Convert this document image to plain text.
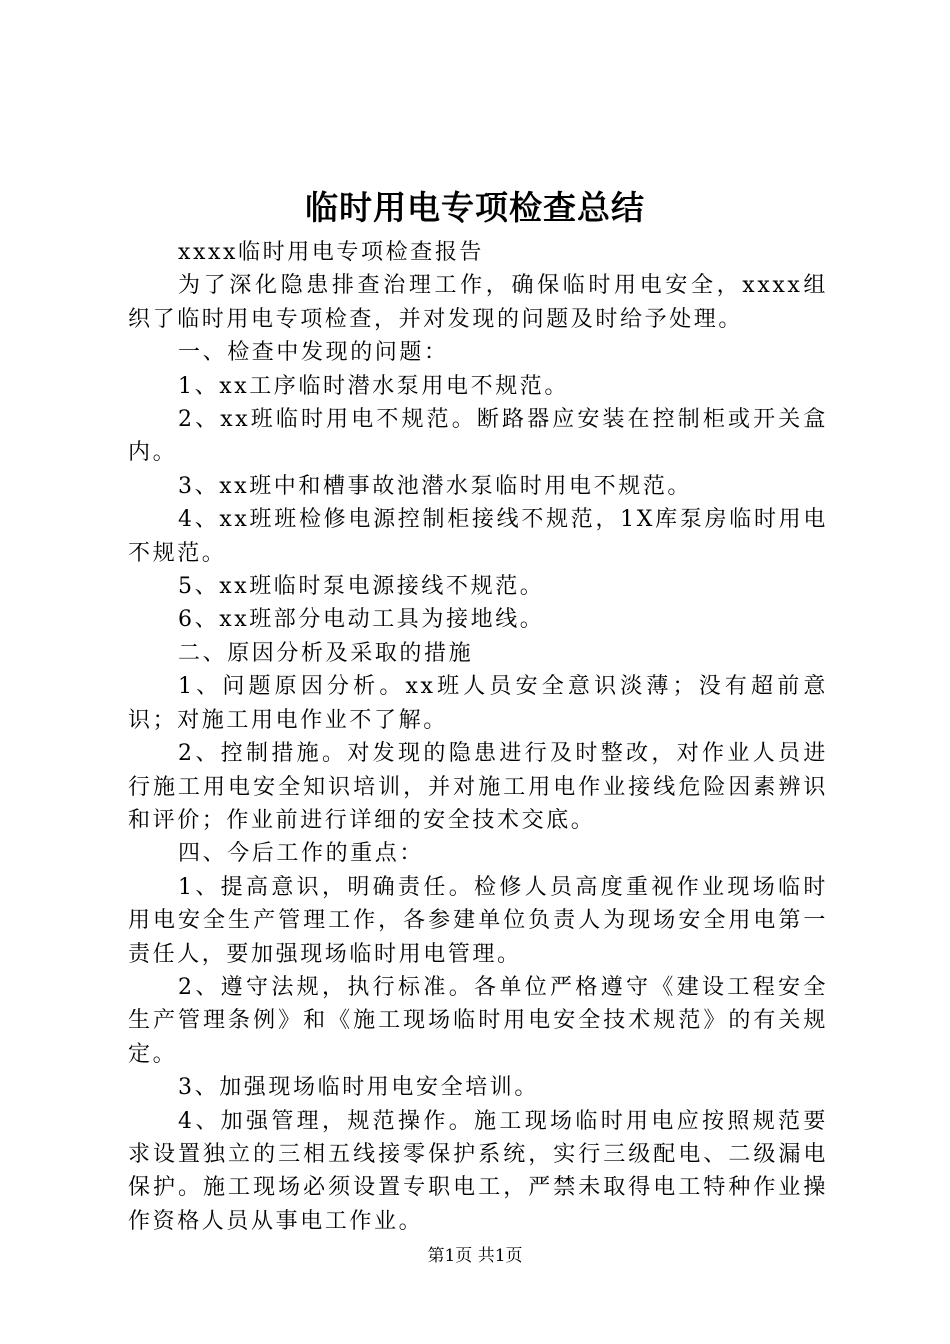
临时用电专项检查总结

xxxx临时用电专项检查报告

为了深化隐患排查治理工作，确保临时用电安全，xxxx组织了临时用电专项检查，并对发现的问题及时给予处理。

一、检查中发现的问题：

1、xx工序临时潜水泵用电不规范。

2、xx班临时用电不规范。断路器应安装在控制柜或开关盒内。

3、xx班中和槽事故池潜水泵临时用电不规范。

4、xx班班检修电源控制柜接线不规范，1X库泵房临时用电不规范。

5、xx班临时泵电源接线不规范。

6、xx班部分电动工具为接地线。

二、原因分析及采取的措施

1、问题原因分析。xx班人员安全意识淡薄；没有超前意识；对施工用电作业不了解。

2、控制措施。对发现的隐患进行及时整改，对作业人员进行施工用电安全知识培训，并对施工用电作业接线危险因素辨识和评价；作业前进行详细的安全技术交底。

四、今后工作的重点：

1、提高意识，明确责任。检修人员高度重视作业现场临时用电安全生产管理工作，各参建单位负责人为现场安全用电第一责任人，要加强现场临时用电管理。

2、遵守法规，执行标准。各单位严格遵守《建设工程安全生产管理条例》和《施工现场临时用电安全技术规范》的有关规定。

3、加强现场临时用电安全培训。

4、加强管理，规范操作。施工现场临时用电应按照规范要求设置独立的三相五线接零保护系统，实行三级配电、二级漏电保护。施工现场必须设置专职电工，严禁未取得电工特种作业操作资格人员从事电工作业。

第1页 共1页
